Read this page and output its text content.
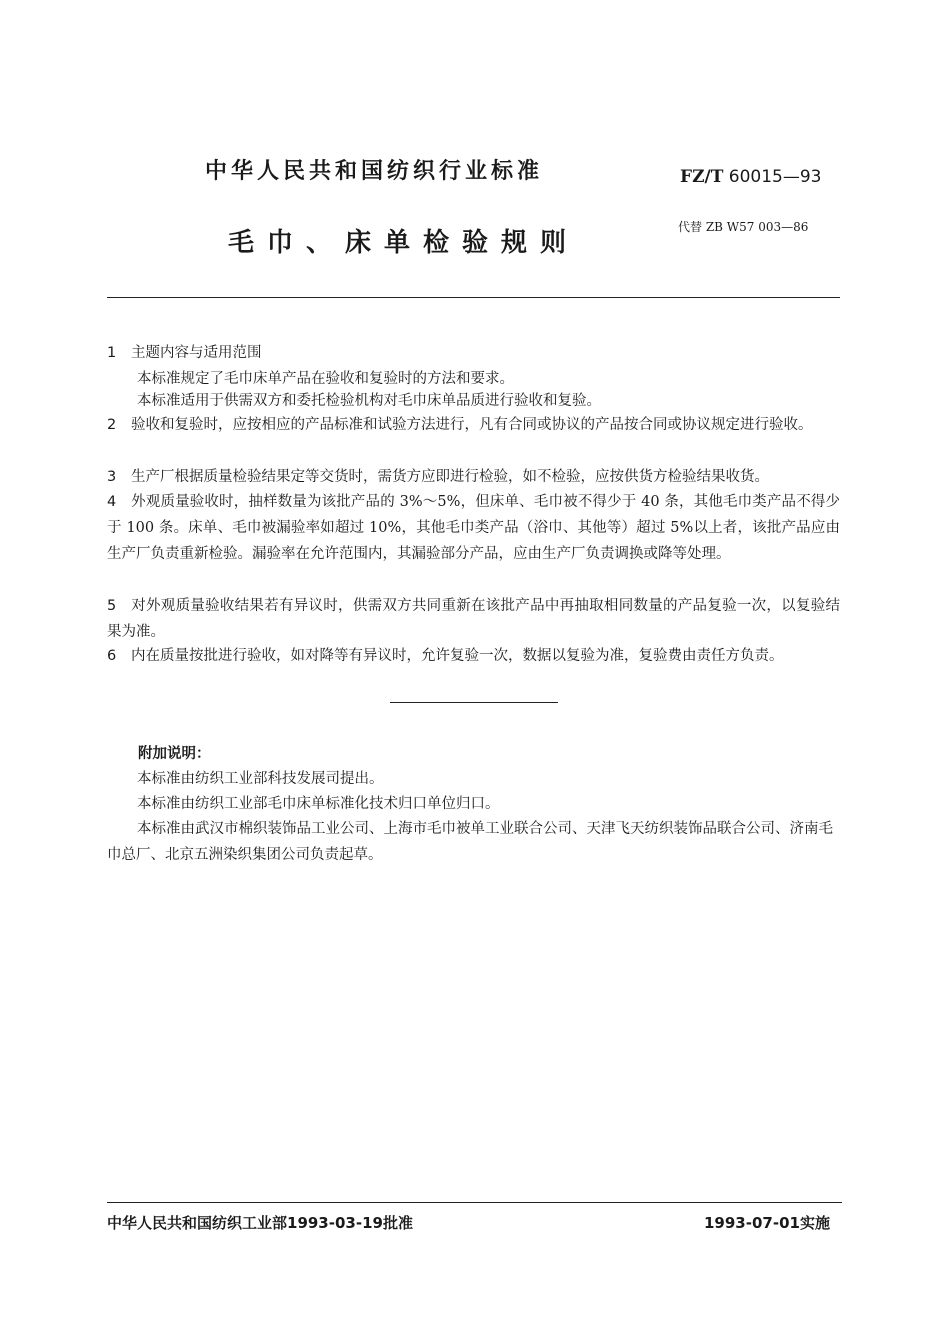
中华人民共和国纺织行业标准	FZ/T 60015—93
毛巾、床单检验规则
代替 ZB W57 003—86
1 主题内容与适用范围
本标准规定了毛巾床单产品在验收和复验时的方法和要求。
本标准适用于供需双方和委托检验机构对毛巾床单品质进行验收和复验。
2 验收和复验时，应按相应的产品标准和试验方法进行，凡有合同或协议的产品按合同或协议规定进行验收。
3 生产厂根据质量检验结果定等交货时，需货方应即进行检验，如不检验，应按供货方检验结果收货。
4 外观质量验收时，抽样数量为该批产品的 3%～5%，但床单、毛巾被不得少于 40 条，其他毛巾类产品不得少于 100 条。床单、毛巾被漏验率如超过 10%，其他毛巾类产品（浴巾、其他等）超过 5%以上者，该批产品应由生产厂负责重新检验。漏验率在允许范围内，其漏验部分产品，应由生产厂负责调换或降等处理。
5 对外观质量验收结果若有异议时，供需双方共同重新在该批产品中再抽取相同数量的产品复验一次，以复验结果为准。
6 内在质量按批进行验收，如对降等有异议时，允许复验一次，数据以复验为准，复验费由责任方负责。
附加说明：
本标准由纺织工业部科技发展司提出。
本标准由纺织工业部毛巾床单标准化技术归口单位归口。
本标准由武汉市棉织装饰品工业公司、上海市毛巾被单工业联合公司、天津飞天纺织装饰品联合公司、济南毛巾总厂、北京五洲染织集团公司负责起草。
中华人民共和国纺织工业部1993-03-19批准	1993-07-01实施
